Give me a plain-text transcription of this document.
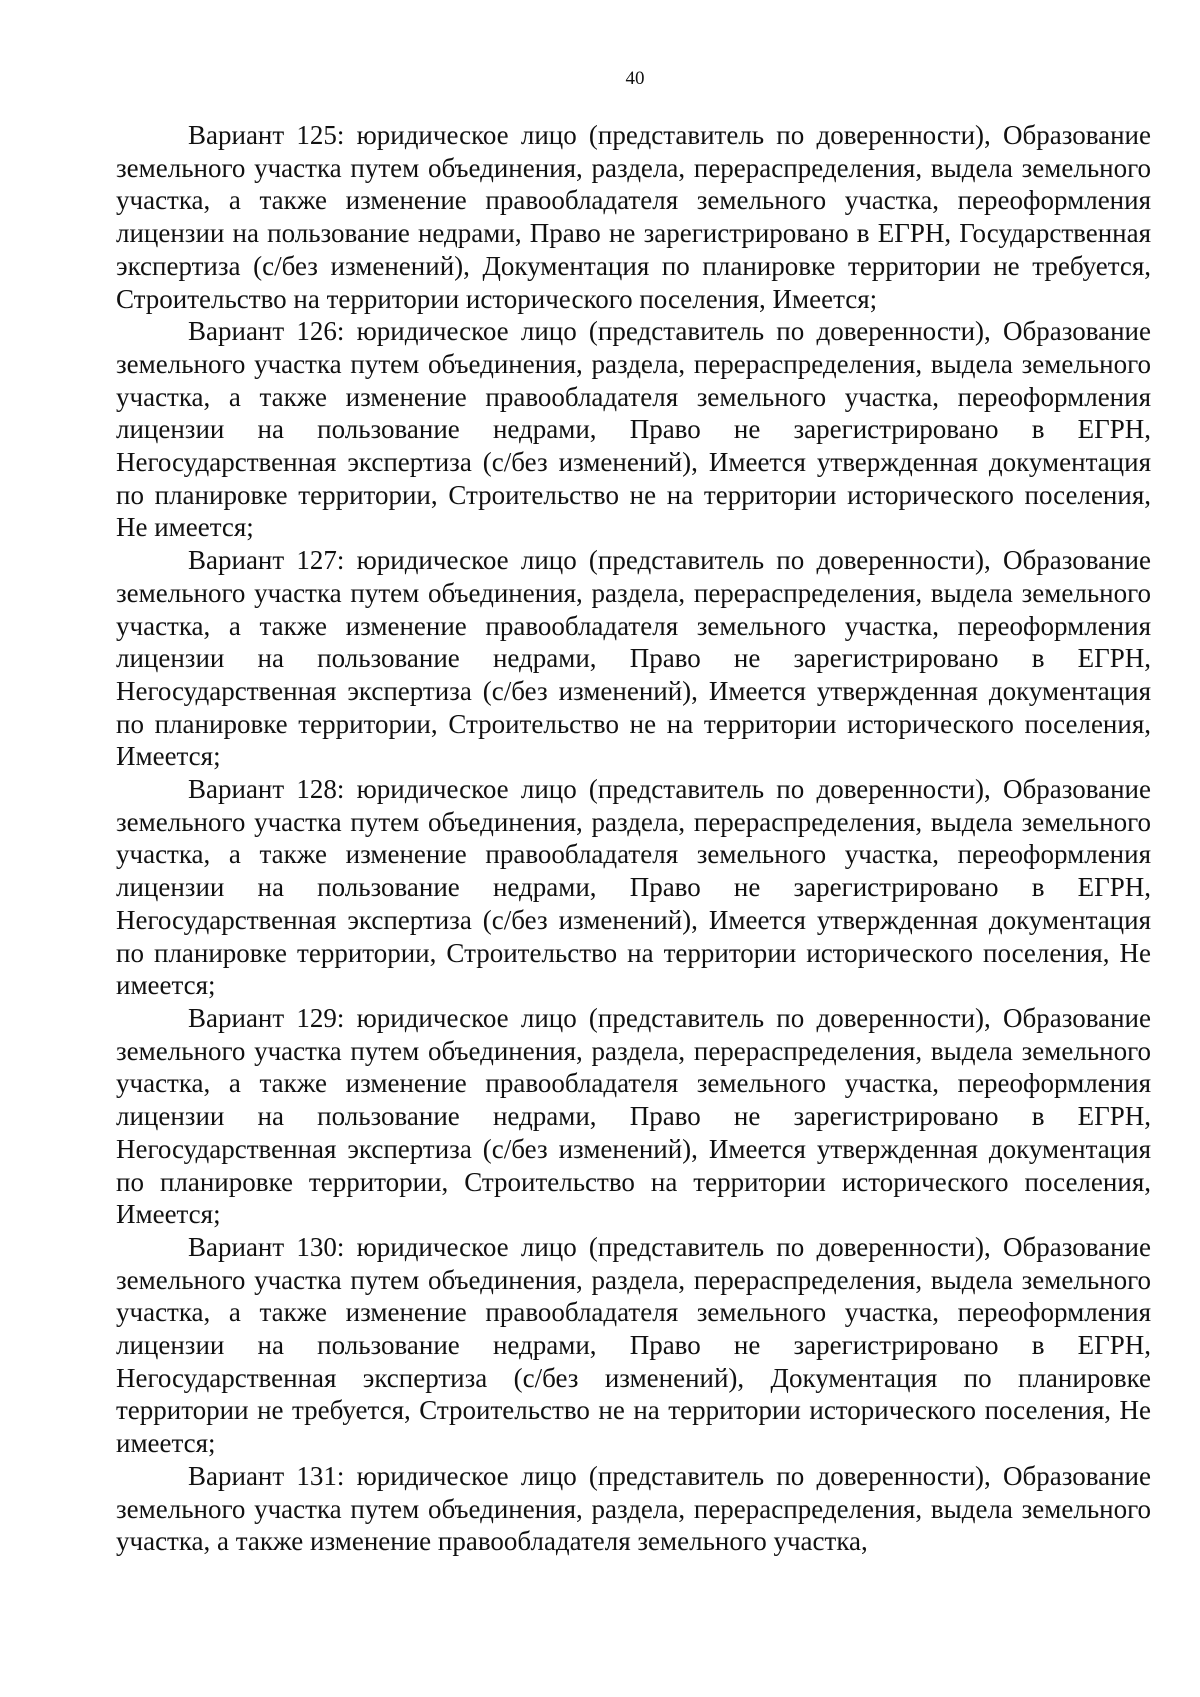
40

Вариант 125: юридическое лицо (представитель по доверенности), Образование земельного участка путем объединения, раздела, перераспределения, выдела земельного участка, а также изменение правообладателя земельного участка, переоформления лицензии на пользование недрами, Право не зарегистрировано в ЕГРН, Государственная экспертиза (с/без изменений), Документация по планировке территории не требуется, Строительство на территории исторического поселения, Имеется;

Вариант 126: юридическое лицо (представитель по доверенности), Образование земельного участка путем объединения, раздела, перераспределения, выдела земельного участка, а также изменение правообладателя земельного участка, переоформления лицензии на пользование недрами, Право не зарегистрировано в ЕГРН, Негосударственная экспертиза (с/без изменений), Имеется утвержденная документация по планировке территории, Строительство не на территории исторического поселения, Не имеется;

Вариант 127: юридическое лицо (представитель по доверенности), Образование земельного участка путем объединения, раздела, перераспределения, выдела земельного участка, а также изменение правообладателя земельного участка, переоформления лицензии на пользование недрами, Право не зарегистрировано в ЕГРН, Негосударственная экспертиза (с/без изменений), Имеется утвержденная документация по планировке территории, Строительство не на территории исторического поселения, Имеется;

Вариант 128: юридическое лицо (представитель по доверенности), Образование земельного участка путем объединения, раздела, перераспределения, выдела земельного участка, а также изменение правообладателя земельного участка, переоформления лицензии на пользование недрами, Право не зарегистрировано в ЕГРН, Негосударственная экспертиза (с/без изменений), Имеется утвержденная документация по планировке территории, Строительство на территории исторического поселения, Не имеется;

Вариант 129: юридическое лицо (представитель по доверенности), Образование земельного участка путем объединения, раздела, перераспределения, выдела земельного участка, а также изменение правообладателя земельного участка, переоформления лицензии на пользование недрами, Право не зарегистрировано в ЕГРН, Негосударственная экспертиза (с/без изменений), Имеется утвержденная документация по планировке территории, Строительство на территории исторического поселения, Имеется;

Вариант 130: юридическое лицо (представитель по доверенности), Образование земельного участка путем объединения, раздела, перераспределения, выдела земельного участка, а также изменение правообладателя земельного участка, переоформления лицензии на пользование недрами, Право не зарегистрировано в ЕГРН, Негосударственная экспертиза (с/без изменений), Документация по планировке территории не требуется, Строительство не на территории исторического поселения, Не имеется;

Вариант 131: юридическое лицо (представитель по доверенности), Образование земельного участка путем объединения, раздела, перераспределения, выдела земельного участка, а также изменение правообладателя земельного участка,
